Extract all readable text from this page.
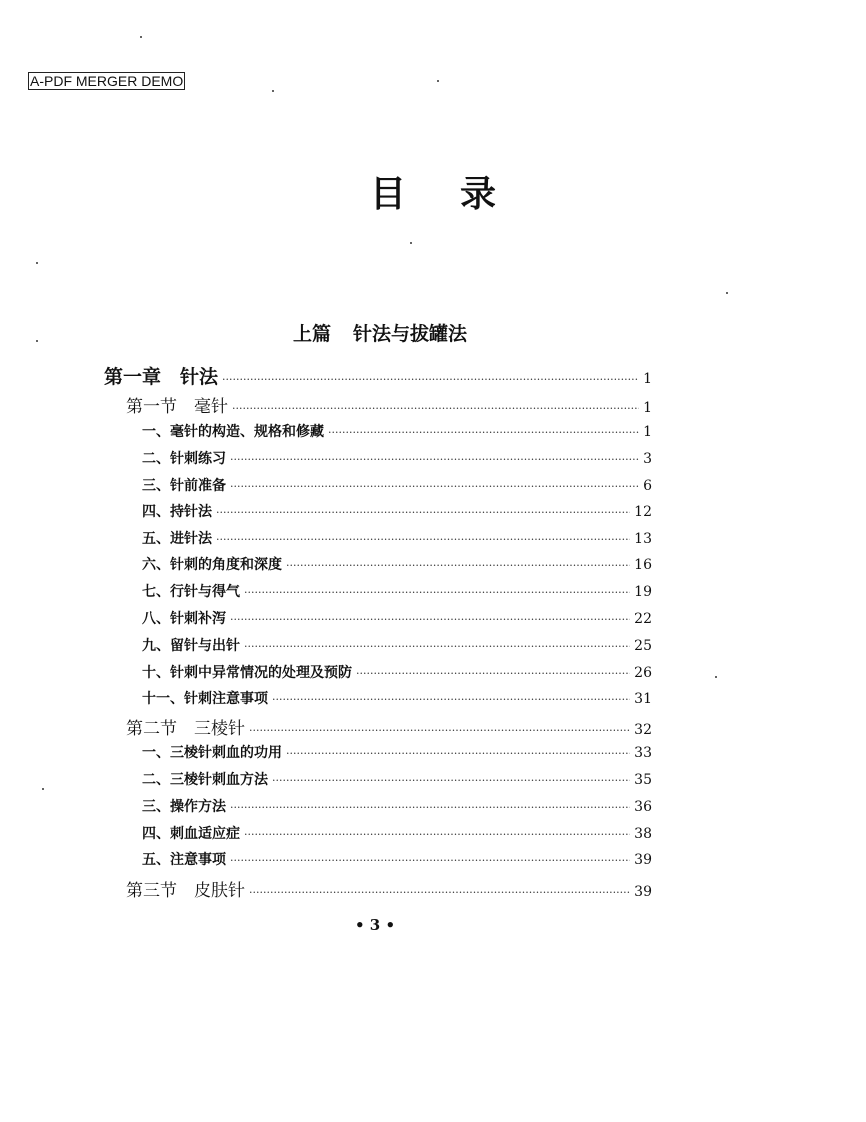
A-PDF MERGER DEMO
目录
上篇 针法与拔罐法
第一章　针法 ·····	1
第一节　毫针 ·····	1
一、毫针的构造、规格和修藏 ·····	1
二、针刺练习 ·····	3
三、针前准备 ·····	6
四、持针法 ·····	12
五、进针法 ·····	13
六、针刺的角度和深度 ·····	16
七、行针与得气 ·····	19
八、针刺补泻 ·····	22
九、留针与出针 ·····	25
十、针刺中异常情况的处理及预防 ·····	26
十一、针刺注意事项 ·····	31
第二节　三棱针 ·····	32
一、三棱针刺血的功用 ·····	33
二、三棱针刺血方法 ·····	35
三、操作方法 ·····	36
四、刺血适应症 ·····	38
五、注意事项 ·····	39
第三节　皮肤针 ·····	39
• 3 •
